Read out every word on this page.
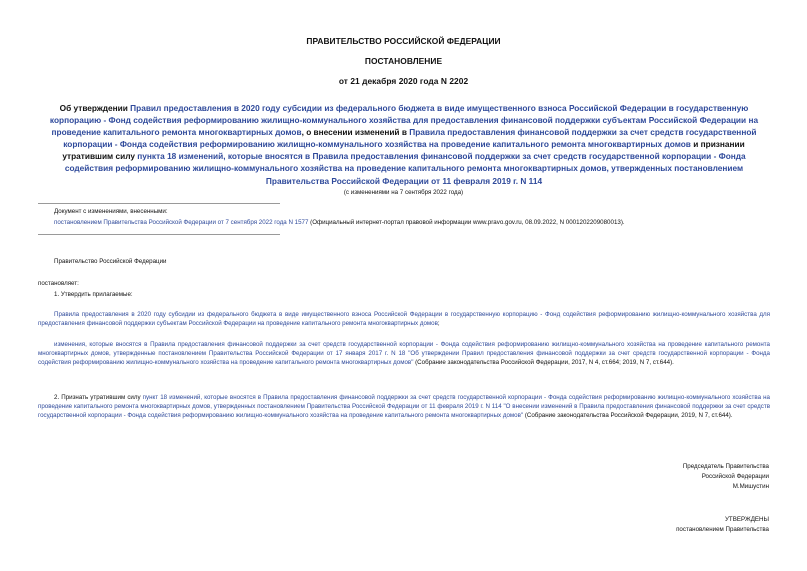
ПРАВИТЕЛЬСТВО РОССИЙСКОЙ ФЕДЕРАЦИИ
ПОСТАНОВЛЕНИЕ
от 21 декабря 2020 года N 2202
Об утверждении Правил предоставления в 2020 году субсидии из федерального бюджета в виде имущественного взноса Российской Федерации в государственную корпорацию - Фонд содействия реформированию жилищно-коммунального хозяйства для предоставления финансовой поддержки субъектам Российской Федерации на проведение капитального ремонта многоквартирных домов, о внесении изменений в Правила предоставления финансовой поддержки за счет средств государственной корпорации - Фонда содействия реформированию жилищно-коммунального хозяйства на проведение капитального ремонта многоквартирных домов и признании утратившим силу пункта 18 изменений, которые вносятся в Правила предоставления финансовой поддержки за счет средств государственной корпорации - Фонда содействия реформированию жилищно-коммунального хозяйства на проведение капитального ремонта многоквартирных домов, утвержденных постановлением Правительства Российской Федерации от 11 февраля 2019 г. N 114
(с изменениями на 7 сентября 2022 года)
Документ с изменениями, внесенными:
постановлением Правительства Российской Федерации от 7 сентября 2022 года N 1577 (Официальный интернет-портал правовой информации www.pravo.gov.ru, 08.09.2022, N 0001202209080013).
Правительство Российской Федерации
постановляет:
1. Утвердить прилагаемые:
Правила предоставления в 2020 году субсидии из федерального бюджета в виде имущественного взноса Российской Федерации в государственную корпорацию - Фонд содействия реформированию жилищно-коммунального хозяйства для предоставления финансовой поддержки субъектам Российской Федерации на проведение капитального ремонта многоквартирных домов;
изменения, которые вносятся в Правила предоставления финансовой поддержки за счет средств государственной корпорации - Фонда содействия реформированию жилищно-коммунального хозяйства на проведение капитального ремонта многоквартирных домов, утвержденные постановлением Правительства Российской Федерации от 17 января 2017 г. N 18 "Об утверждении Правил предоставления финансовой поддержки за счет средств государственной корпорации - Фонда содействия реформированию жилищно-коммунального хозяйства на проведение капитального ремонта многоквартирных домов" (Собрание законодательства Российской Федерации, 2017, N 4, ст.664; 2019, N 7, ст.644).
2. Признать утратившим силу пункт 18 изменений, которые вносятся в Правила предоставления финансовой поддержки за счет средств государственной корпорации - Фонда содействия реформированию жилищно-коммунального хозяйства на проведение капитального ремонта многоквартирных домов, утвержденных постановлением Правительства Российской Федерации от 11 февраля 2019 г. N 114 "О внесении изменений в Правила предоставления финансовой поддержки за счет средств государственной корпорации - Фонда содействия реформированию жилищно-коммунального хозяйства на проведение капитального ремонта многоквартирных домов" (Собрание законодательства Российской Федерации, 2019, N 7, ст.644).
Председатель Правительства
Российской Федерации
М.Мишустин
УТВЕРЖДЕНЫ
постановлением Правительства
